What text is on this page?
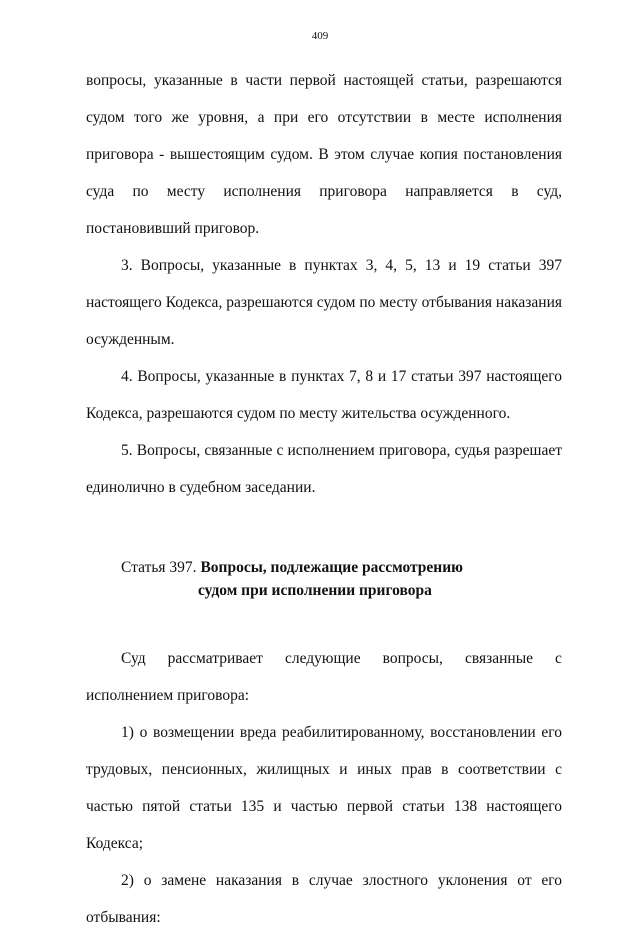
409

вопросы, указанные в части первой настоящей статьи, разрешаются судом того же уровня, а при его отсутствии в месте исполнения приговора - вышестоящим судом. В этом случае копия постановления суда по месту исполнения приговора направляется в суд, постановивший приговор.

3. Вопросы, указанные в пунктах 3, 4, 5, 13 и 19 статьи 397 настоящего Кодекса, разрешаются судом по месту отбывания наказания осужденным.

4. Вопросы, указанные в пунктах 7, 8 и 17 статьи 397 настоящего Кодекса, разрешаются судом по месту жительства осужденного.

5. Вопросы, связанные с исполнением приговора, судья разрешает единолично в судебном заседании.

Статья 397. Вопросы, подлежащие рассмотрению
судом при исполнении приговора
Суд рассматривает следующие вопросы, связанные с

исполнением приговора:

1) о возмещении вреда реабилитированному, восстановлении его трудовых, пенсионных, жилищных и иных прав в соответствии с частью пятой статьи 135 и частью первой статьи 138 настоящего Кодекса;

2) о замене наказания в случае злостного уклонения от его отбывания:
